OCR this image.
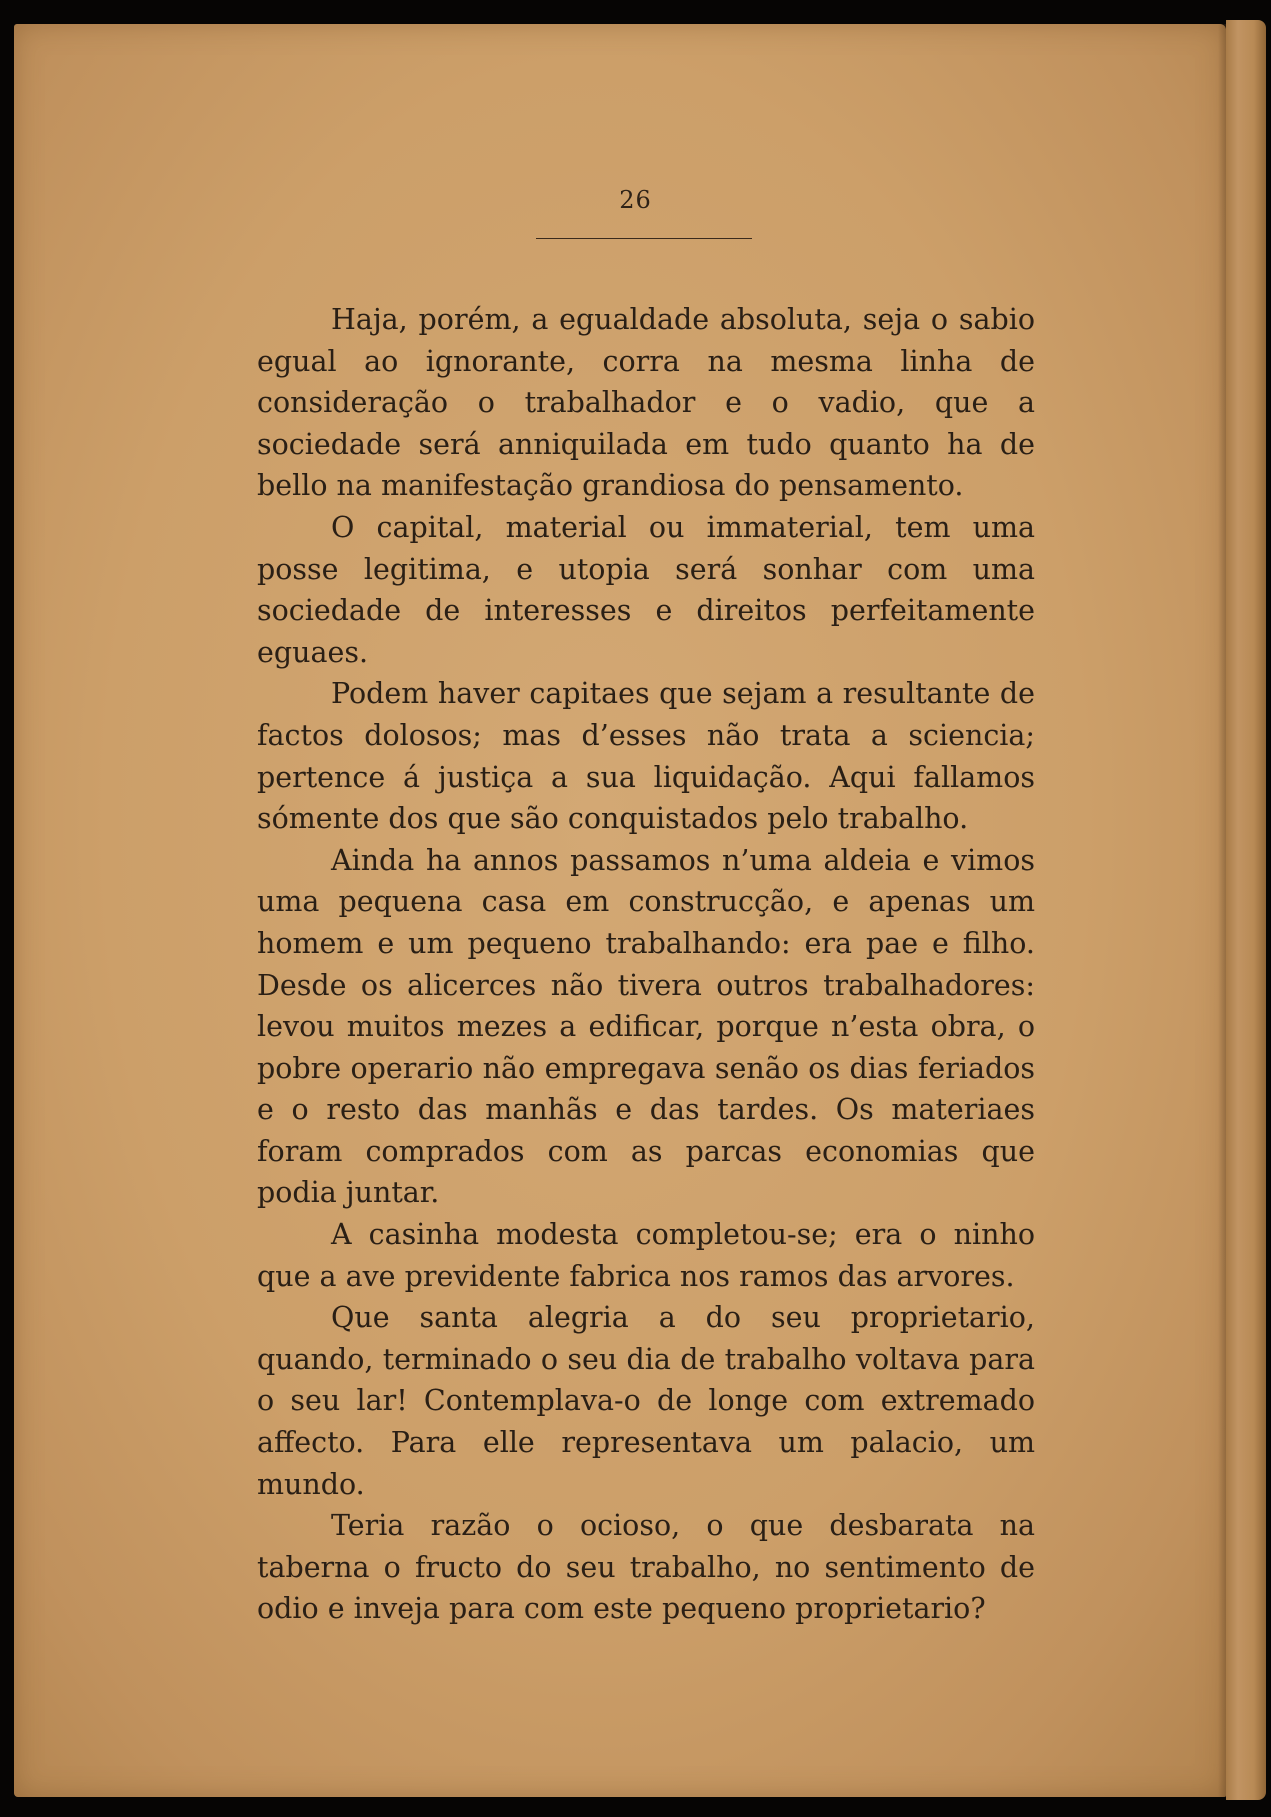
26

Haja, porém, a egualdade absoluta, seja o sabio egual ao ignorante, corra na mesma linha de consideração o trabalhador e o vadio, que a sociedade será anniquilada em tudo quanto ha de bello na manifestação grandiosa do pensamento.

O capital, material ou immaterial, tem uma posse legitima, e utopia será sonhar com uma sociedade de interesses e direitos perfeitamente eguaes.

Podem haver capitaes que sejam a resultante de factos dolosos; mas d’esses não trata a sciencia; pertence á justiça a sua liquidação. Aqui fallamos sómente dos que são conquistados pelo trabalho.

Ainda ha annos passamos n’uma aldeia e vimos uma pequena casa em construcção, e apenas um homem e um pequeno trabalhando: era pae e filho. Desde os alicerces não tivera outros trabalhadores: levou muitos mezes a edificar, porque n’esta obra, o pobre operario não empregava senão os dias feriados e o resto das manhãs e das tardes. Os materiaes foram comprados com as parcas economias que podia juntar.

A casinha modesta completou-se; era o ninho que a ave previdente fabrica nos ramos das arvores.

Que santa alegria a do seu proprietario, quando, terminado o seu dia de trabalho voltava para o seu lar! Contemplava-o de longe com extremado affecto. Para elle representava um palacio, um mundo.

Teria razão o ocioso, o que desbarata na taberna o fructo do seu trabalho, no sentimento de odio e inveja para com este pequeno proprietario?
